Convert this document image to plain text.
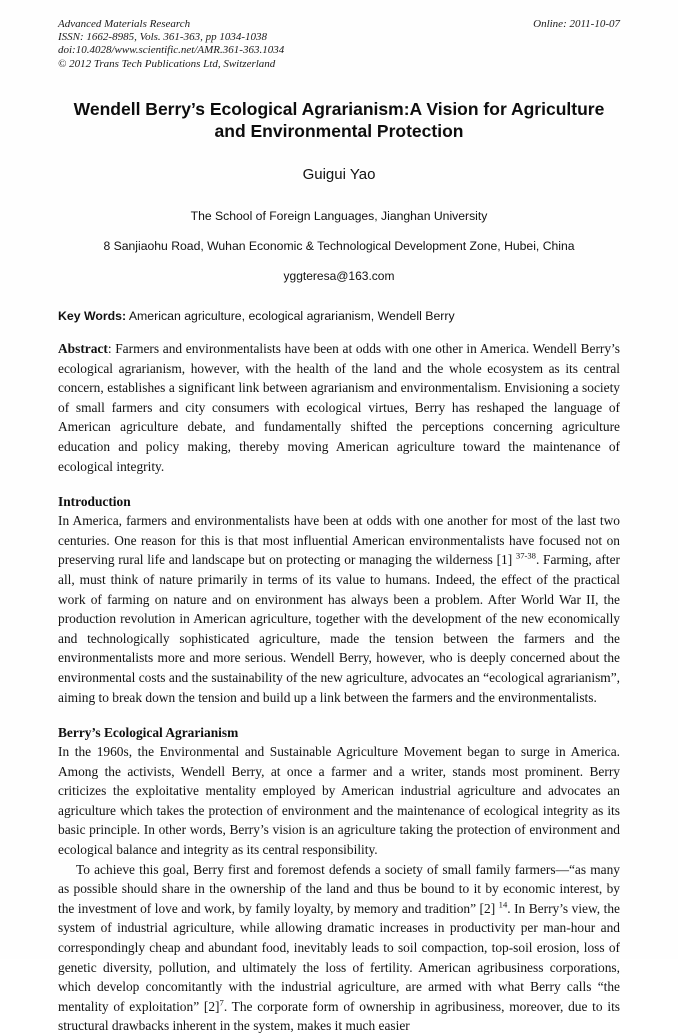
Advanced Materials Research
ISSN: 1662-8985, Vols. 361-363, pp 1034-1038
doi:10.4028/www.scientific.net/AMR.361-363.1034
© 2012 Trans Tech Publications Ltd, Switzerland
Online: 2011-10-07
Wendell Berry’s Ecological Agrarianism:A Vision for Agriculture and Environmental Protection
Guigui Yao
The School of Foreign Languages, Jianghan University
8 Sanjiaohu Road, Wuhan Economic & Technological Development Zone, Hubei, China
yggteresa@163.com
Key Words: American agriculture, ecological agrarianism, Wendell Berry
Abstract: Farmers and environmentalists have been at odds with one other in America. Wendell Berry’s ecological agrarianism, however, with the health of the land and the whole ecosystem as its central concern, establishes a significant link between agrarianism and environmentalism. Envisioning a society of small farmers and city consumers with ecological virtues, Berry has reshaped the language of American agriculture debate, and fundamentally shifted the perceptions concerning agriculture education and policy making, thereby moving American agriculture toward the maintenance of ecological integrity.
Introduction

In America, farmers and environmentalists have been at odds with one another for most of the last two centuries. One reason for this is that most influential American environmentalists have focused not on preserving rural life and landscape but on protecting or managing the wilderness [1] $^{37-38}$. Farming, after all, must think of nature primarily in terms of its value to humans. Indeed, the effect of the practical work of farming on nature and on environment has always been a problem. After World War II, the production revolution in American agriculture, together with the development of the new economically and technologically sophisticated agriculture, made the tension between the farmers and the environmentalists more and more serious. Wendell Berry, however, who is deeply concerned about the environmental costs and the sustainability of the new agriculture, advocates an “ecological agrarianism”, aiming to break down the tension and build up a link between the farmers and the environmentalists.

Berry’s Ecological Agrarianism

In the 1960s, the Environmental and Sustainable Agriculture Movement began to surge in America. Among the activists, Wendell Berry, at once a farmer and a writer, stands most prominent. Berry criticizes the exploitative mentality employed by American industrial agriculture and advocates an agriculture which takes the protection of environment and the maintenance of ecological integrity as its basic principle. In other words, Berry’s vision is an agriculture taking the protection of environment and ecological balance and integrity as its central responsibility.

To achieve this goal, Berry first and foremost defends a society of small family farmers—“as many as possible should share in the ownership of the land and thus be bound to it by economic interest, by the investment of love and work, by family loyalty, by memory and tradition” [2] $^{14}$. In Berry’s view, the system of industrial agriculture, while allowing dramatic increases in productivity per man-hour and correspondingly cheap and abundant food, inevitably leads to soil compaction, top-soil erosion, loss of genetic diversity, pollution, and ultimately the loss of fertility. American agribusiness corporations, which develop concomitantly with the industrial agriculture, are armed with what Berry calls “the mentality of exploitation” $[2]^7$. The corporate form of ownership in agribusiness, moreover, due to its structural drawbacks inherent in the system, makes it much easier
